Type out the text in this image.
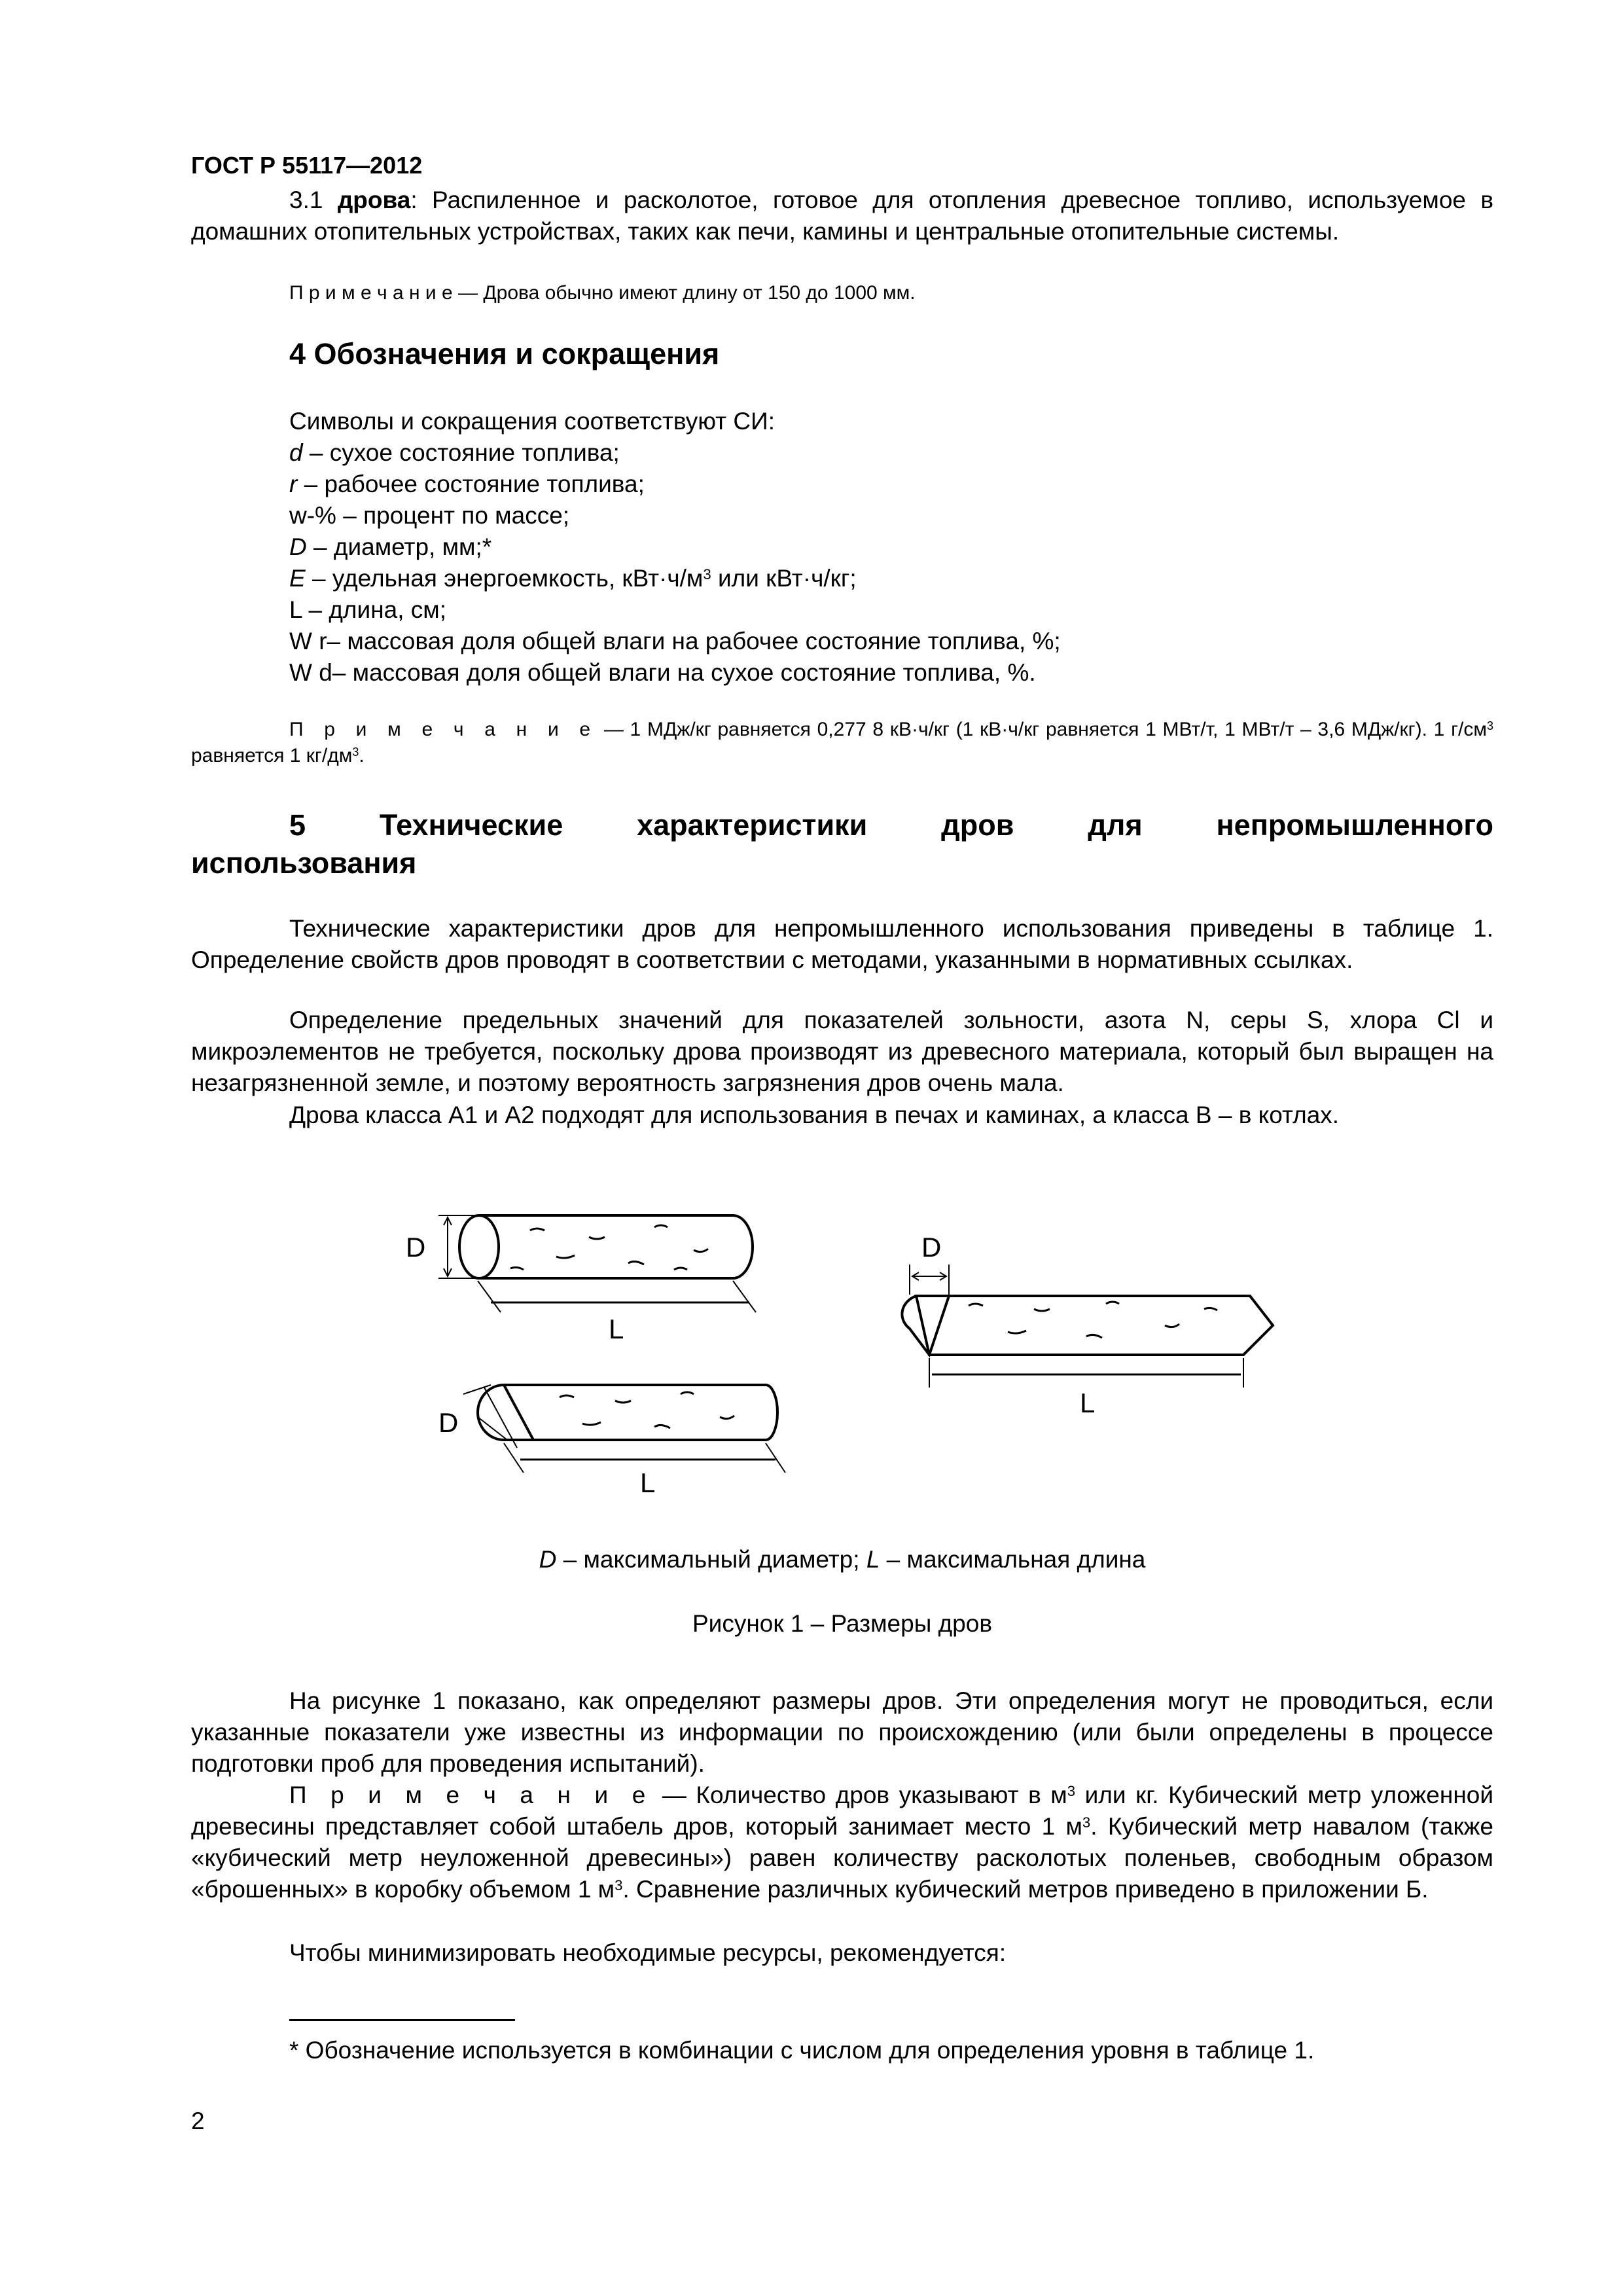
ГОСТ Р 55117—2012
3.1 дрова: Распиленное и расколотое, готовое для отопления древесное топливо, используемое в домашних отопительных устройствах, таких как печи, камины и центральные отопительные системы.
П р и м е ч а н и е — Дрова обычно имеют длину от 150 до 1000 мм.
4 Обозначения и сокращения
Символы и сокращения соответствуют СИ:
d – сухое состояние топлива;
r – рабочее состояние топлива;
w-% – процент по массе;
D – диаметр, мм;*
E – удельная энергоемкость, $кВт\cdot ч/м^3$ или кВт·ч/кг;
L – длина, см;
W r– массовая доля общей влаги на рабочее состояние топлива, %;
W d– массовая доля общей влаги на сухое состояние топлива, %.
П р и м е ч а н и е — 1 МДж/кг равняется 0,277 8 кВ·ч/кг (1 кВ·ч/кг равняется 1 МВт/т, 1 МВт/т – 3,6 МДж/кг). 1 $г/см^3$ равняется 1 $кг/дм^3$.
5	Технические	характеристики	дров	для	непромышленного
использования
Технические характеристики дров для непромышленного использования приведены в таблице 1. Определение свойств дров проводят в соответствии с методами, указанными в нормативных ссылках.
Определение предельных значений для показателей зольности, азота N, серы S, хлора Cl и микроэлементов не требуется, поскольку дрова производят из древесного материала, который был выращен на незагрязненной земле, и поэтому вероятность загрязнения дров очень мала.
Дрова класса А1 и А2 подходят для использования в печах и каминах, а класса В – в котлах.
D
L
D
L
D
L
D – максимальный диаметр; L – максимальная длина
Рисунок 1 – Размеры дров
На рисунке 1 показано, как определяют размеры дров. Эти определения могут не проводиться, если указанные показатели уже известны из информации по происхождению (или были определены в процессе подготовки проб для проведения испытаний).
П р и м е ч а н и е — Количество дров указывают в $м^3$ или кг. Кубический метр уложенной древесины представляет собой штабель дров, который занимает место 1 $м^3$. Кубический метр навалом (также «кубический метр неуложенной древесины») равен количеству расколотых поленьев, свободным образом «брошенных» в коробку объемом 1 $м^3$. Сравнение различных кубический метров приведено в приложении Б.
Чтобы минимизировать необходимые ресурсы, рекомендуется:
* Обозначение используется в комбинации с числом для определения уровня в таблице 1.
2
